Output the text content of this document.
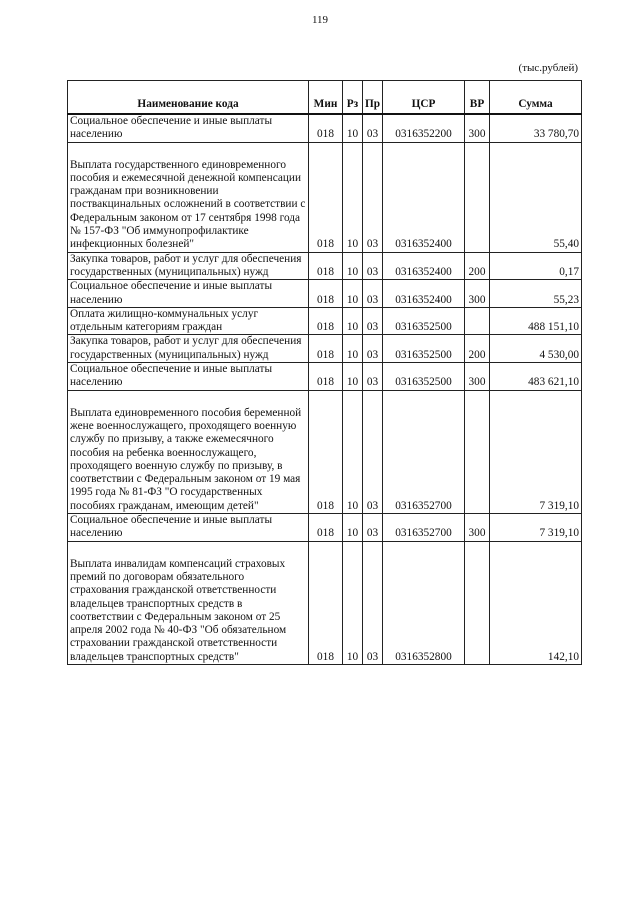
119
(тыс.рублей)
Наименование кода	Мин	Рз	Пр	ЦСР	ВР	Сумма
Социальное обеспечение и иные выплаты населению	018	10	03	0316352200	300	33 780,70

Выплата государственного единовременного пособия и ежемесячной денежной компенсации гражданам при возникновении поствакцинальных осложнений в соответствии с Федеральным законом от 17 сентября 1998 года № 157-ФЗ "Об иммунопрофилактике инфекционных болезней"	018	10	03	0316352400		55,40
Закупка товаров, работ и услуг для обеспечения государственных (муниципальных) нужд	018	10	03	0316352400	200	0,17
Социальное обеспечение и иные выплаты населению	018	10	03	0316352400	300	55,23
Оплата жилищно-коммунальных услуг отдельным категориям граждан	018	10	03	0316352500		488 151,10
Закупка товаров, работ и услуг для обеспечения государственных (муниципальных) нужд	018	10	03	0316352500	200	4 530,00
Социальное обеспечение и иные выплаты населению	018	10	03	0316352500	300	483 621,10

Выплата единовременного пособия беременной жене военнослужащего, проходящего военную службу по призыву, а также ежемесячного пособия на ребенка военнослужащего, проходящего военную службу по призыву, в соответствии с Федеральным законом от 19 мая 1995 года № 81-ФЗ "О государственных пособиях гражданам, имеющим детей"	018	10	03	0316352700		7 319,10
Социальное обеспечение и иные выплаты населению	018	10	03	0316352700	300	7 319,10

Выплата инвалидам компенсаций страховых премий по договорам обязательного страхования гражданской ответственности владельцев транспортных средств в соответствии с Федеральным законом от 25 апреля 2002 года № 40-ФЗ "Об обязательном страховании гражданской ответственности владельцев транспортных средств"	018	10	03	0316352800		142,10
